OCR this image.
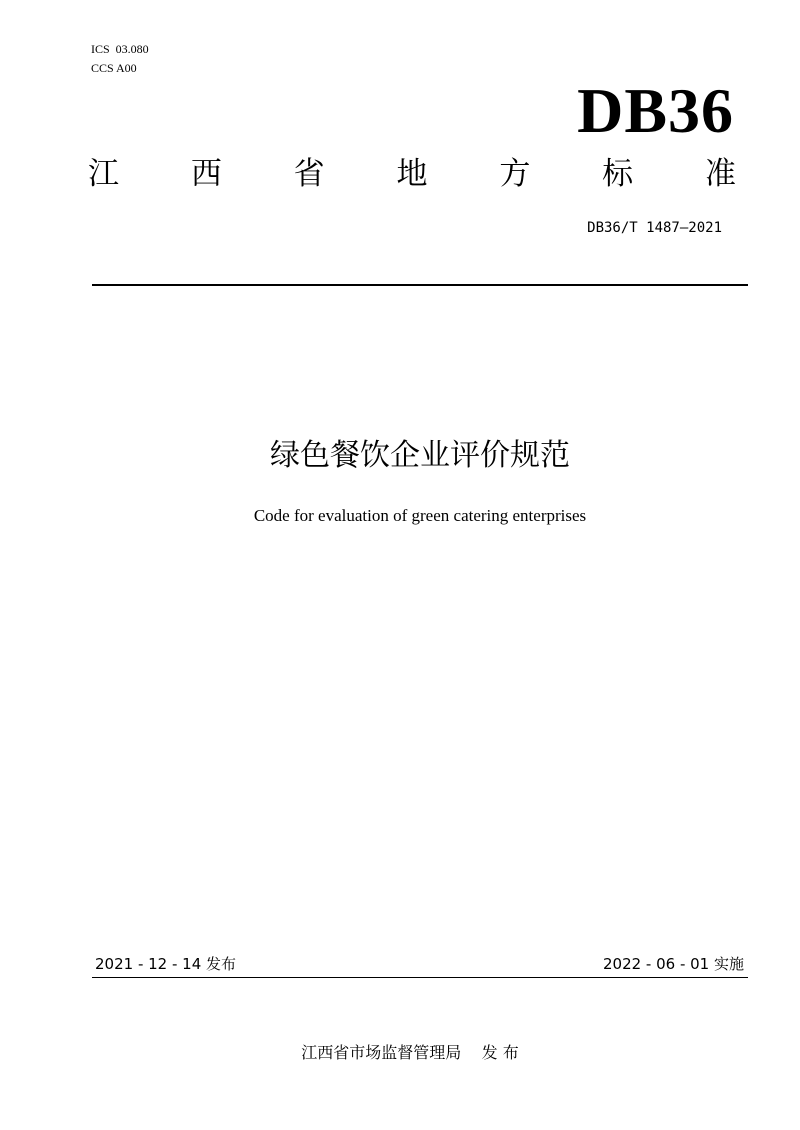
ICS  03.080
CCS A00
DB36
江 西 省 地 方 标 准
DB36/T 1487—2021
绿色餐饮企业评价规范
Code for evaluation of green catering enterprises
2021 - 12 - 14 发布	2022 - 06 - 01 实施
江西省市场监督管理局    发 布
